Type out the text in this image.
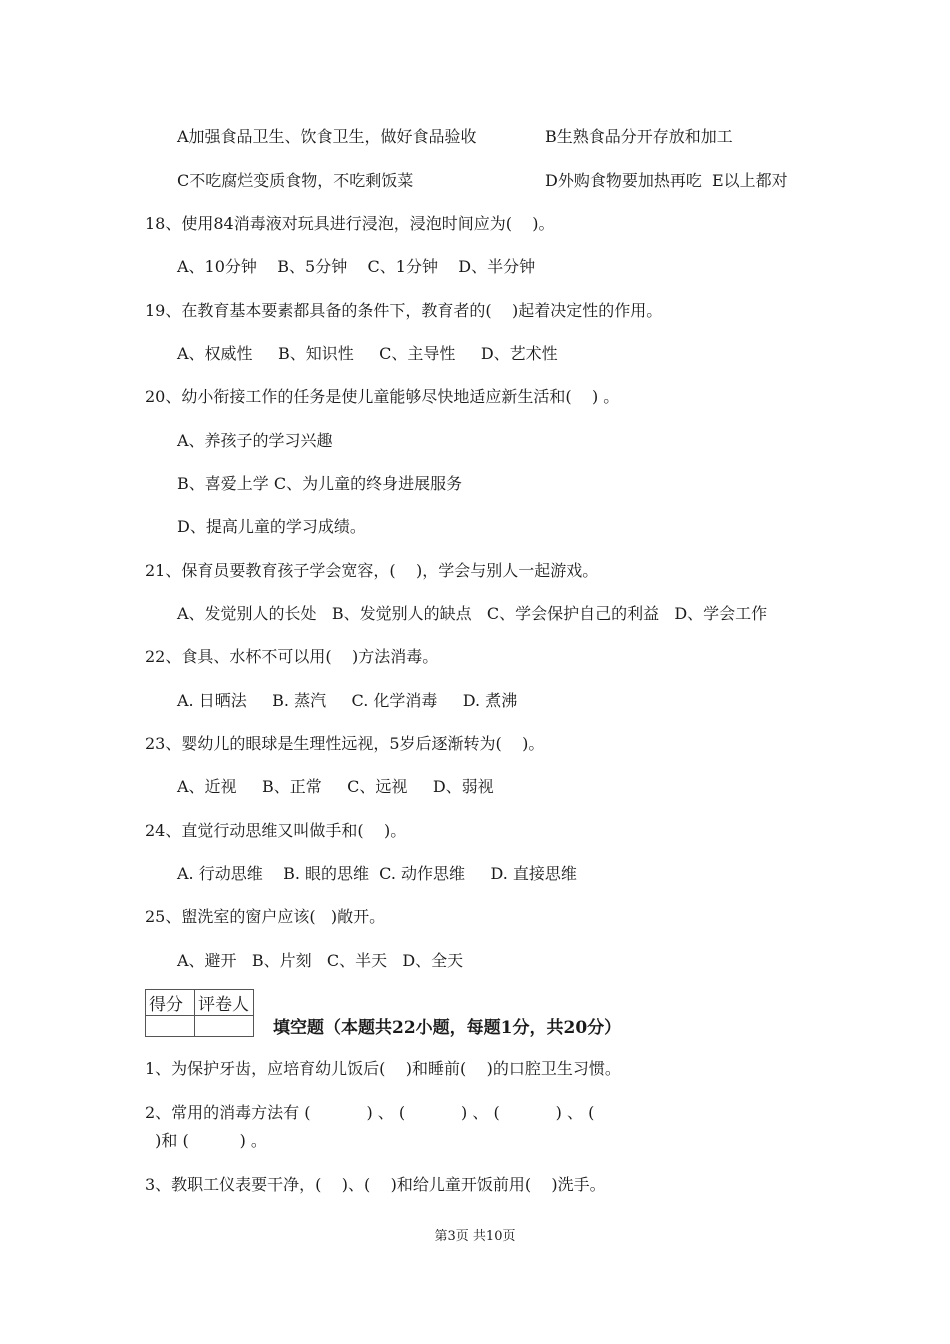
A加强食品卫生、饮食卫生，做好食品验收	B生熟食品分开存放和加工
C不吃腐烂变质食物，不吃剩饭菜	D外购食物要加热再吃  E以上都对
18、使用84消毒液对玩具进行浸泡，浸泡时间应为(    )。
A、10分钟    B、5分钟    C、1分钟    D、半分钟
19、在教育基本要素都具备的条件下，教育者的(    )起着决定性的作用。
A、权威性     B、知识性     C、主导性     D、艺术性
20、幼小衔接工作的任务是使儿童能够尽快地适应新生活和(    ) 。
A、养孩子的学习兴趣
B、喜爱上学 C、为儿童的终身进展服务
D、提高儿童的学习成绩。
21、保育员要教育孩子学会宽容，(    )，学会与别人一起游戏。
A、发觉别人的长处   B、发觉别人的缺点   C、学会保护自己的利益   D、学会工作
22、食具、水杯不可以用(    )方法消毒。
A. 日晒法     B. 蒸汽     C. 化学消毒     D. 煮沸
23、婴幼儿的眼球是生理性远视，5岁后逐渐转为(    )。
A、近视     B、正常     C、远视     D、弱视
24、直觉行动思维又叫做手和(    )。
A. 行动思维    B. 眼的思维  C. 动作思维     D. 直接思维
25、盥洗室的窗户应该(   )敞开。
A、避开   B、片刻   C、半天   D、全天
得分	评卷人

填空题（本题共22小题，每题1分，共20分）
1、为保护牙齿，应培育幼儿饭后(    )和睡前(    )的口腔卫生习惯。
2、常用的消毒方法有 (           ) 、 (           ) 、 (           ) 、 (
)和 (          ) 。
3、教职工仪表要干净，(    )、(    )和给儿童开饭前用(    )洗手。
第3页 共10页
